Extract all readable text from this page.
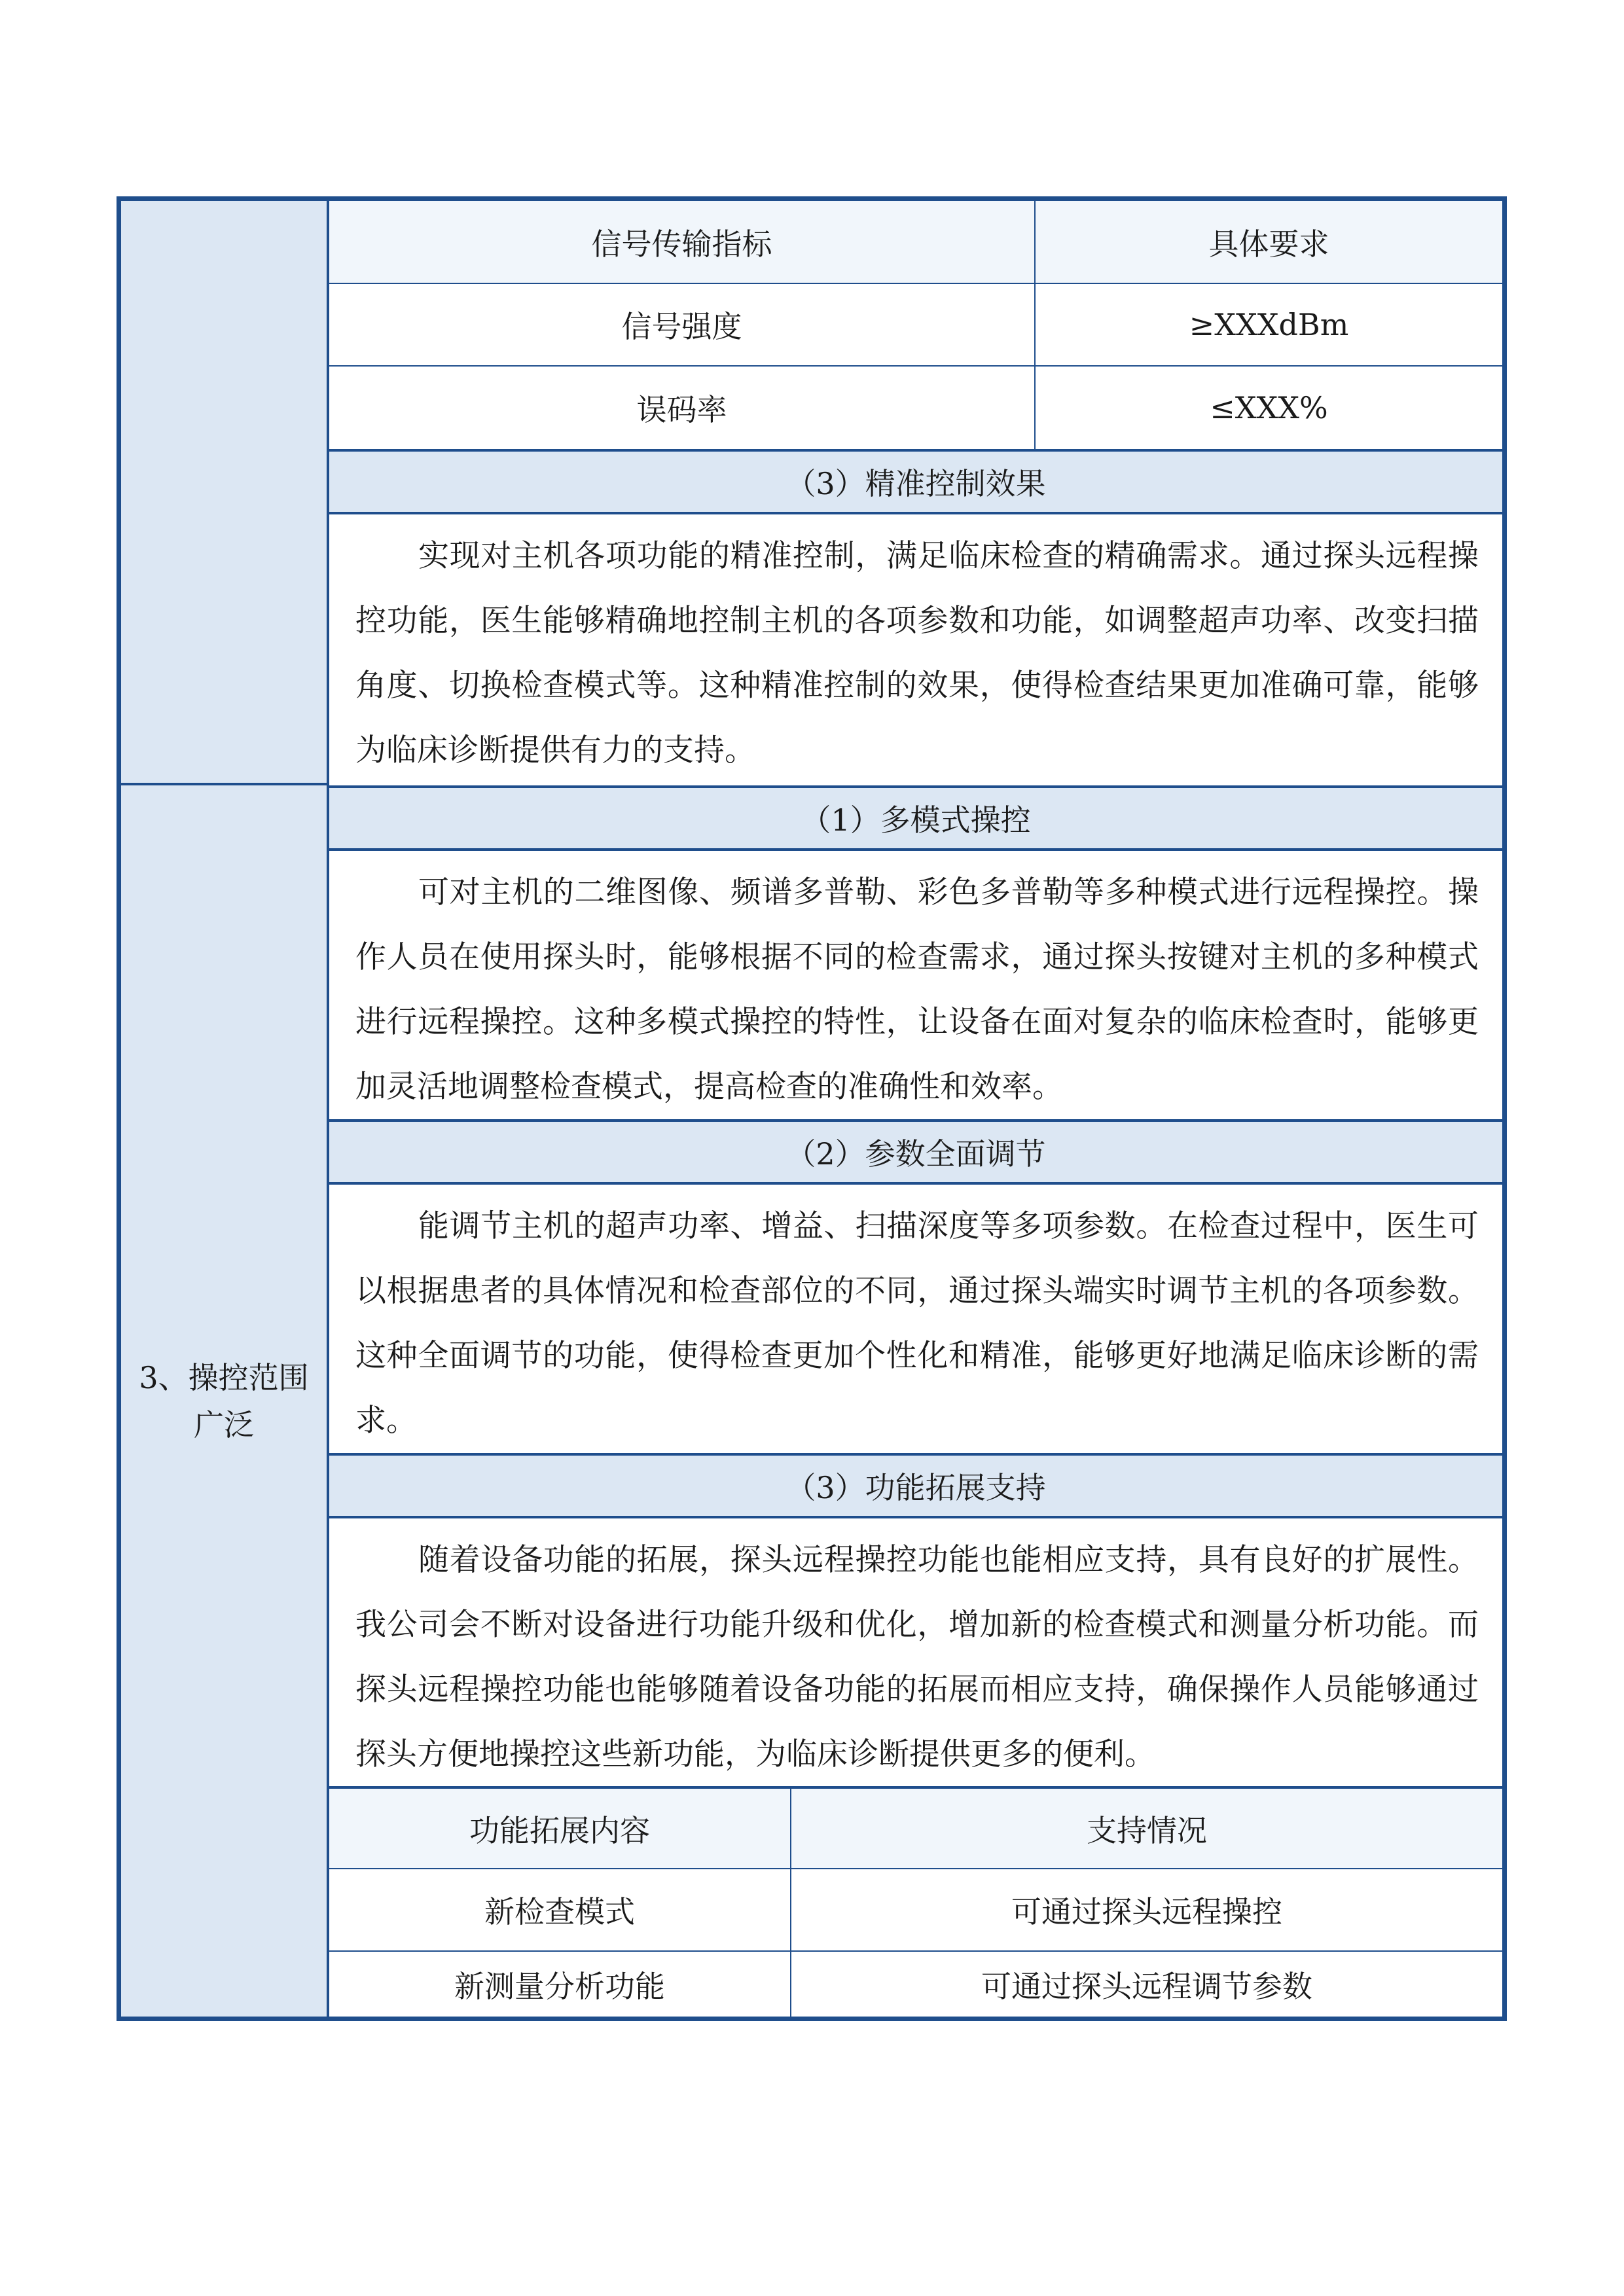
3、操控范围广泛
信号传输指标	具体要求
信号强度	≥XXXdBm
误码率	≤XXX%
（3）精准控制效果
实现对主机各项功能的精准控制，满足临床检查的精确需求。通过探头远程操控功能，医生能够精确地控制主机的各项参数和功能，如调整超声功率、改变扫描角度、切换检查模式等。这种精准控制的效果，使得检查结果更加准确可靠，能够为临床诊断提供有力的支持。
（1）多模式操控
可对主机的二维图像、频谱多普勒、彩色多普勒等多种模式进行远程操控。操作人员在使用探头时，能够根据不同的检查需求，通过探头按键对主机的多种模式进行远程操控。这种多模式操控的特性，让设备在面对复杂的临床检查时，能够更加灵活地调整检查模式，提高检查的准确性和效率。
（2）参数全面调节
能调节主机的超声功率、增益、扫描深度等多项参数。在检查过程中，医生可以根据患者的具体情况和检查部位的不同，通过探头端实时调节主机的各项参数。这种全面调节的功能，使得检查更加个性化和精准，能够更好地满足临床诊断的需求。
（3）功能拓展支持
随着设备功能的拓展，探头远程操控功能也能相应支持，具有良好的扩展性。我公司会不断对设备进行功能升级和优化，增加新的检查模式和测量分析功能。而探头远程操控功能也能够随着设备功能的拓展而相应支持，确保操作人员能够通过探头方便地操控这些新功能，为临床诊断提供更多的便利。
功能拓展内容	支持情况
新检查模式	可通过探头远程操控
新测量分析功能	可通过探头远程调节参数
